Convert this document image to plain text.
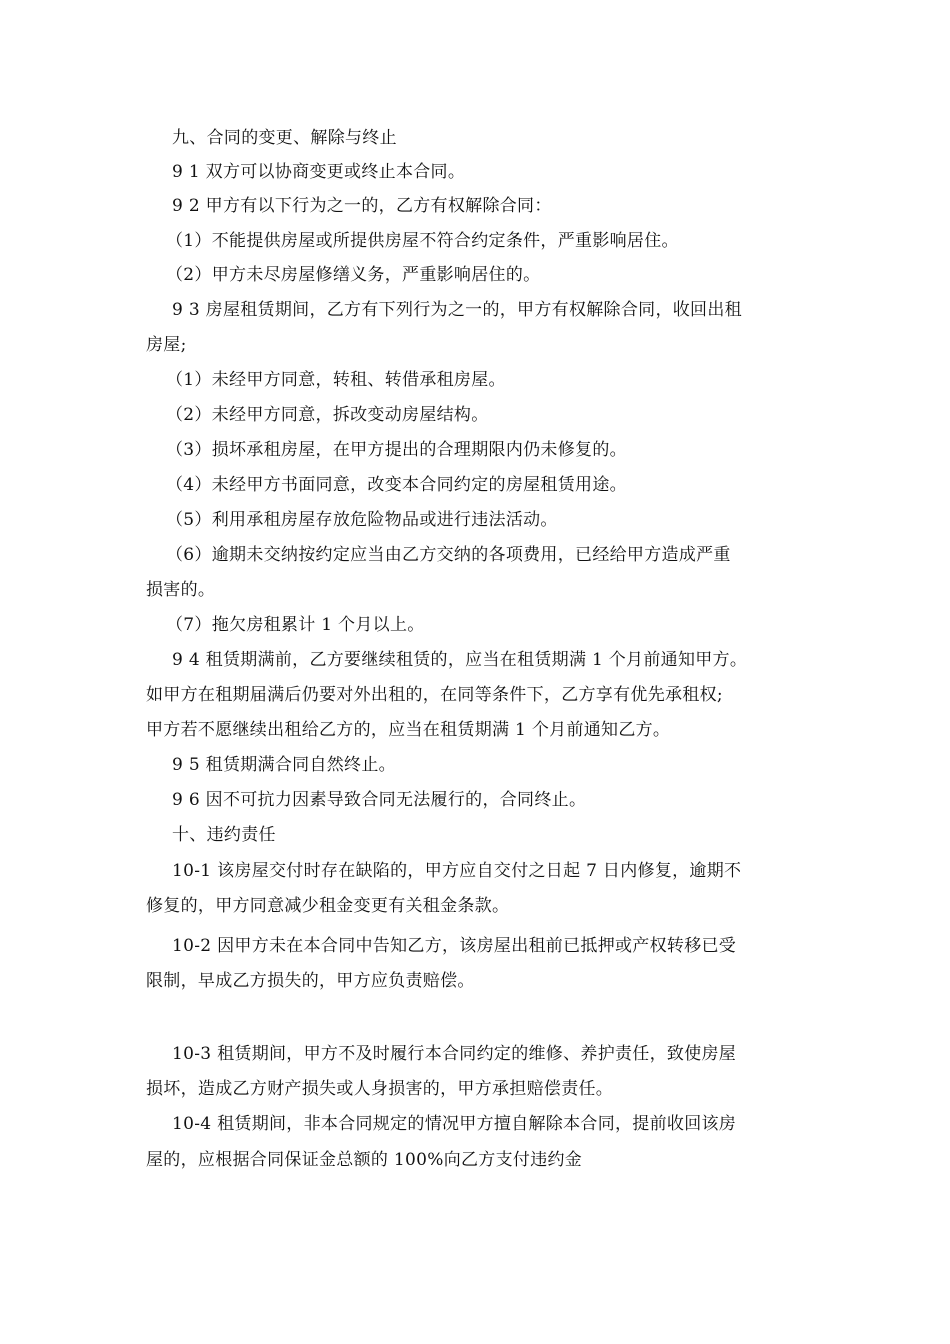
九、合同的变更、解除与终止
9 1 双方可以协商变更或终止本合同。
9 2 甲方有以下行为之一的，乙方有权解除合同：
（1）不能提供房屋或所提供房屋不符合约定条件，严重影响居住。
（2）甲方未尽房屋修缮义务，严重影响居住的。
9 3 房屋租赁期间，乙方有下列行为之一的，甲方有权解除合同，收回出租
房屋;
（1）未经甲方同意，转租、转借承租房屋。
（2）未经甲方同意，拆改变动房屋结构。
（3）损坏承租房屋，在甲方提出的合理期限内仍未修复的。
（4）未经甲方书面同意，改变本合同约定的房屋租赁用途。
（5）利用承租房屋存放危险物品或进行违法活动。
（6）逾期未交纳按约定应当由乙方交纳的各项费用，已经给甲方造成严重
损害的。
（7）拖欠房租累计 1 个月以上。
9 4 租赁期满前，乙方要继续租赁的，应当在租赁期满 1 个月前通知甲方。
如甲方在租期届满后仍要对外出租的，在同等条件下，乙方享有优先承租权;
甲方若不愿继续出租给乙方的，应当在租赁期满 1 个月前通知乙方。
9 5 租赁期满合同自然终止。
9 6 因不可抗力因素导致合同无法履行的，合同终止。
十、违约责任
10-1 该房屋交付时存在缺陷的，甲方应自交付之日起 7 日内修复，逾期不
修复的，甲方同意减少租金变更有关租金条款。
10-2 因甲方未在本合同中告知乙方，该房屋出租前已抵押或产权转移已受
限制，早成乙方损失的，甲方应负责赔偿。
10-3 租赁期间，甲方不及时履行本合同约定的维修、养护责任，致使房屋
损坏，造成乙方财产损失或人身损害的，甲方承担赔偿责任。
10-4 租赁期间，非本合同规定的情况甲方擅自解除本合同，提前收回该房
屋的，应根据合同保证金总额的 100%向乙方支付违约金
